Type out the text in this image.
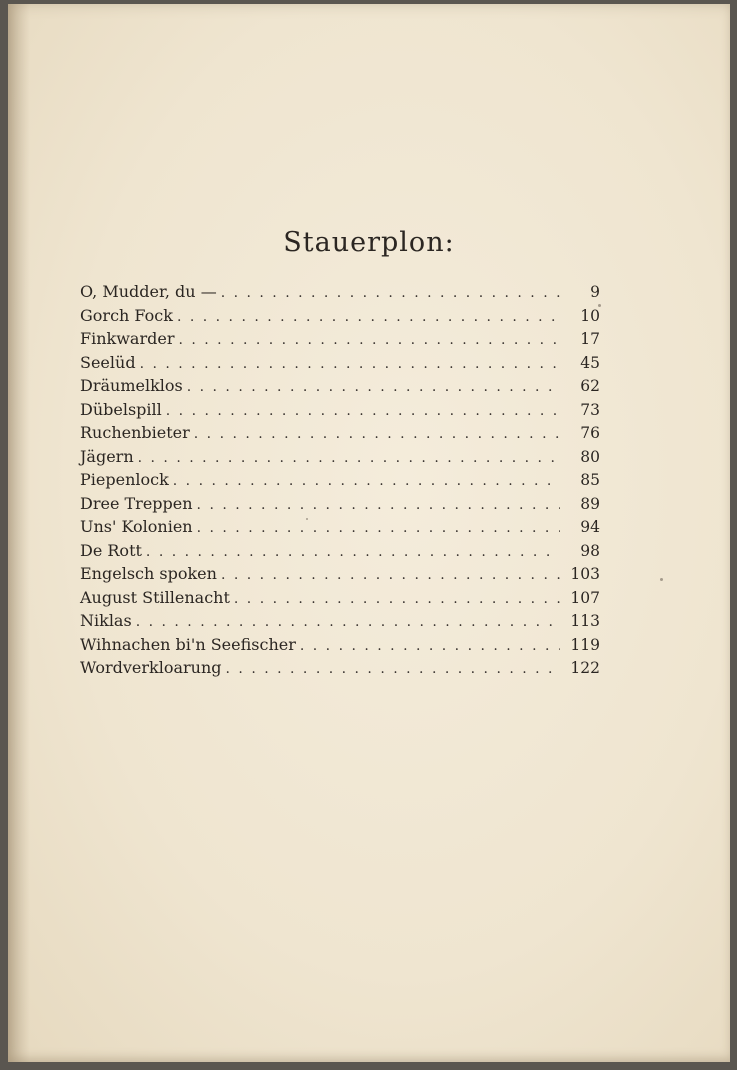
Stauerplon:
O, Mudder, du — . . .	9
Gorch Fock . . .	10
Finkwarder . . .	17
Seelüd . . .	45
Dräumelklos . . .	62
Dübelspill . . .	73
Ruchenbieter . . .	76
Jägern . . .	80
Piepenlock . . .	85
Dree Treppen . . .	89
Uns' Kolonien . . .	94
De Rott . . .	98
Engelsch spoken . . .	103
August Stillenacht . . .	107
Niklas . . .	113
Wihnachen bi'n Seefischer . . .	119
Wordverkloarung . . .	122
